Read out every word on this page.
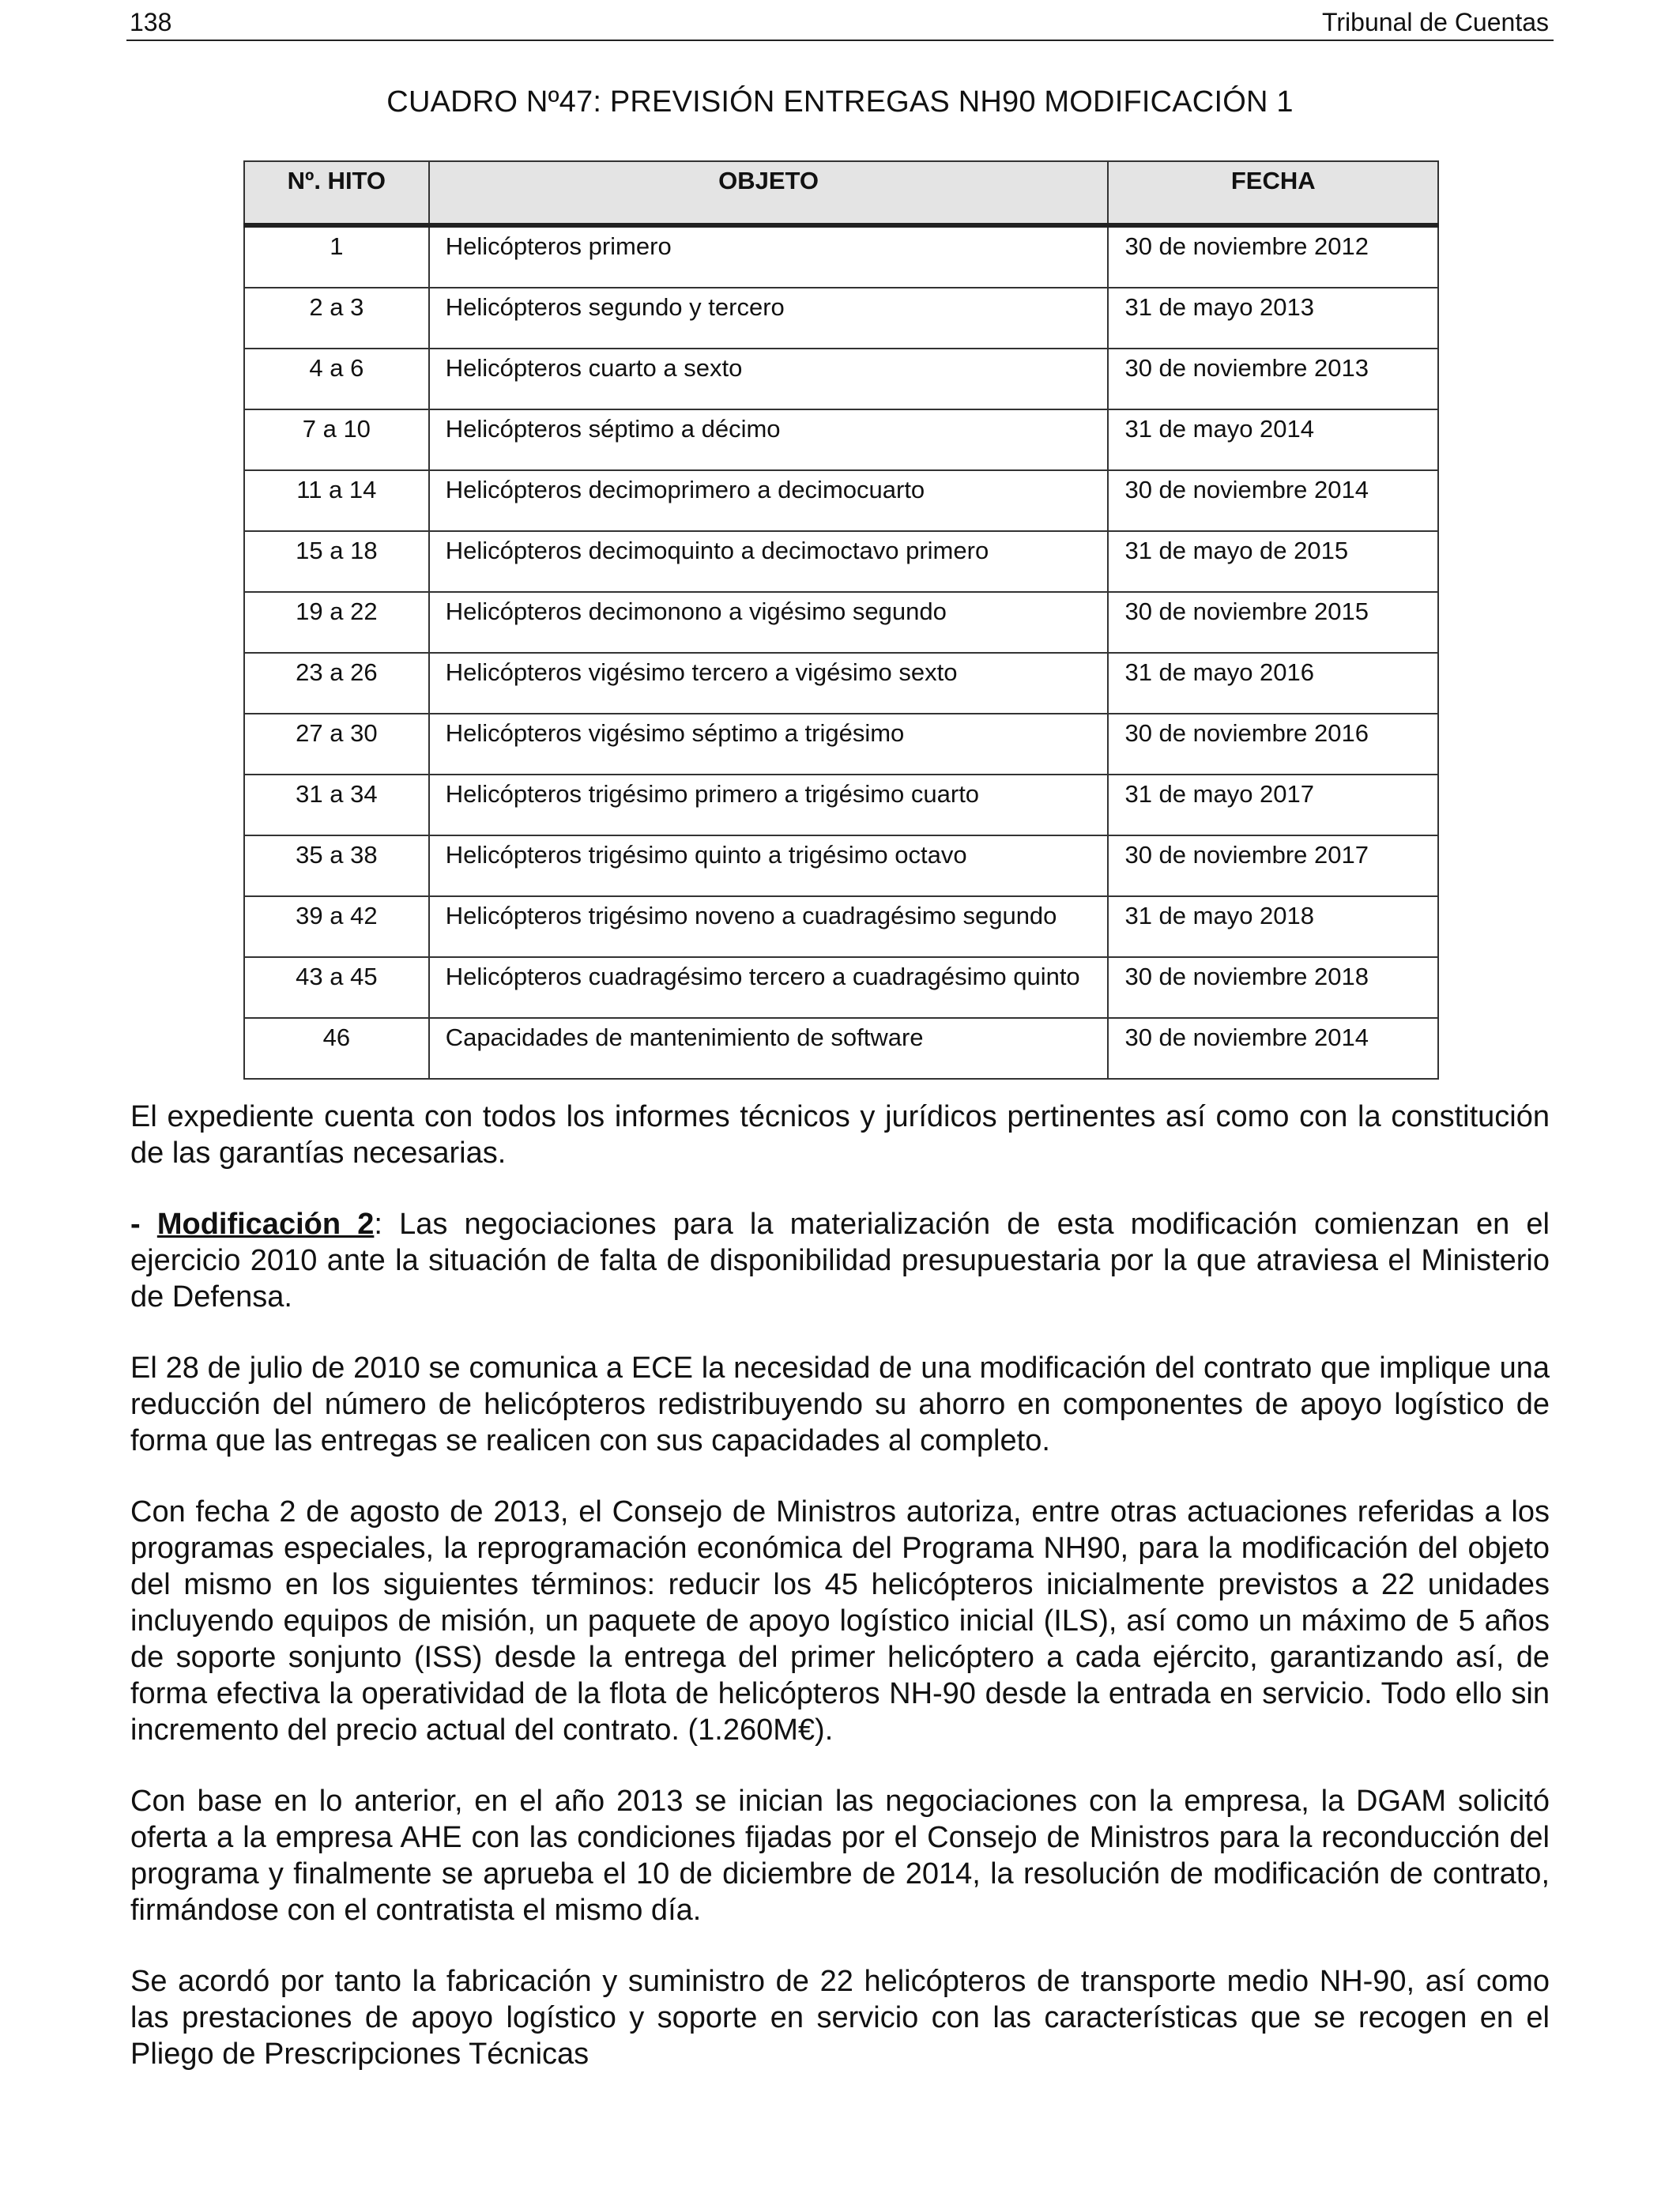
138	Tribunal de Cuentas
CUADRO Nº47: PREVISIÓN ENTREGAS NH90 MODIFICACIÓN 1
Nº. HITO	OBJETO	FECHA
1	Helicópteros primero	30 de noviembre 2012
2 a 3	Helicópteros segundo y tercero	31 de mayo 2013
4 a 6	Helicópteros cuarto a sexto	30 de noviembre 2013
7 a 10	Helicópteros séptimo a décimo	31 de mayo 2014
11 a 14	Helicópteros decimoprimero a decimocuarto	30 de noviembre 2014
15 a 18	Helicópteros decimoquinto a decimoctavo primero	31 de mayo de 2015
19 a 22	Helicópteros decimonono a vigésimo segundo	30 de noviembre 2015
23 a 26	Helicópteros vigésimo tercero a vigésimo sexto	31 de mayo 2016
27 a 30	Helicópteros vigésimo séptimo a trigésimo	30 de noviembre 2016
31 a 34	Helicópteros trigésimo primero a trigésimo cuarto	31 de mayo 2017
35 a 38	Helicópteros trigésimo quinto a trigésimo octavo	30 de noviembre 2017
39 a 42	Helicópteros trigésimo noveno a cuadragésimo segundo	31 de mayo 2018
43 a 45	Helicópteros cuadragésimo tercero a cuadragésimo quinto	30 de noviembre 2018
46	Capacidades de mantenimiento de software	30 de noviembre 2014

El expediente cuenta con todos los informes técnicos y jurídicos pertinentes así como con la constitución de las garantías necesarias.

- Modificación 2: Las negociaciones para la materialización de esta modificación comienzan en el ejercicio 2010 ante la situación de falta de disponibilidad presupuestaria por la que atraviesa el Ministerio de Defensa.

El 28 de julio de 2010 se comunica a ECE la necesidad de una modificación del contrato que implique una reducción del número de helicópteros redistribuyendo su ahorro en componentes de apoyo logístico de forma que las entregas se realicen con sus capacidades al completo.

Con fecha 2 de agosto de 2013, el Consejo de Ministros autoriza, entre otras actuaciones referidas a los programas especiales, la reprogramación económica del Programa NH90, para la modificación del objeto del mismo en los siguientes términos: reducir los 45 helicópteros inicialmente previstos a 22 unidades incluyendo equipos de misión, un paquete de apoyo logístico inicial (ILS), así como un máximo de 5 años de soporte sonjunto (ISS) desde la entrega del primer helicóptero a cada ejército, garantizando así, de forma efectiva la operatividad de la flota de helicópteros NH-90 desde la entrada en servicio. Todo ello sin incremento del precio actual del contrato. (1.260M€).

Con base en lo anterior, en el año 2013 se inician las negociaciones con la empresa, la DGAM solicitó oferta a la empresa AHE con las condiciones fijadas por el Consejo de Ministros para la reconducción del programa y finalmente se aprueba el 10 de diciembre de 2014, la resolución de modificación de contrato, firmándose con el contratista el mismo día.

Se acordó por tanto la fabricación y suministro de 22 helicópteros de transporte medio NH-90, así como las prestaciones de apoyo logístico y soporte en servicio con las características que se recogen en el Pliego de Prescripciones Técnicas
